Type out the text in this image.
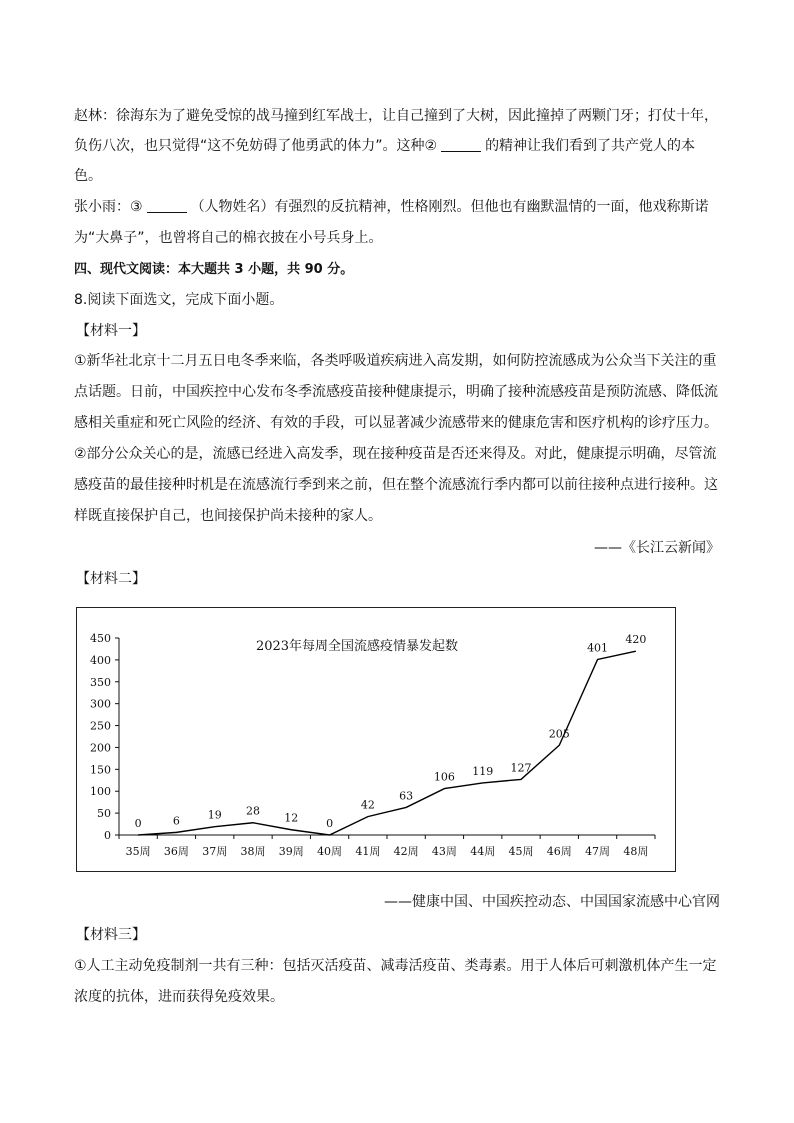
赵林：徐海东为了避免受惊的战马撞到红军战士，让自己撞到了大树，因此撞掉了两颗门牙；打仗十年，
负伤八次，也只觉得“这不免妨碍了他勇武的体力”。这种②	的精神让我们看到了共产党人的本
色。
张小雨：③	（人物姓名）有强烈的反抗精神，性格刚烈。但他也有幽默温情的一面，他戏称斯诺
为“大鼻子”，也曾将自己的棉衣披在小号兵身上。
四、现代文阅读：本大题共 3 小题，共 90 分。
8.阅读下面选文，完成下面小题。
【材料一】
①新华社北京十二月五日电冬季来临，各类呼吸道疾病进入高发期，如何防控流感成为公众当下关注的重
点话题。日前，中国疾控中心发布冬季流感疫苗接种健康提示，明确了接种流感疫苗是预防流感、降低流
感相关重症和死亡风险的经济、有效的手段，可以显著减少流感带来的健康危害和医疗机构的诊疗压力。
②部分公众关心的是，流感已经进入高发季，现在接种疫苗是否还来得及。对此，健康提示明确，尽管流
感疫苗的最佳接种时机是在流感流行季到来之前，但在整个流感流行季内都可以前往接种点进行接种。这
样既直接保护自己，也间接保护尚未接种的家人。
——《长江云新闻》
【材料二】
2023年每周全国流感疫情暴发起数
0
50
100
150
200
250
300
350
400
450
35周 36周 37周 38周 39周 40周 41周 42周 43周 44周 45周 46周 47周 48周
0	6	19 28
12	0
42
63
106 119 127
205
401
420
——健康中国、中国疾控动态、中国国家流感中心官网
【材料三】
①人工主动免疫制剂一共有三种：包括灭活疫苗、减毒活疫苗、类毒素。用于人体后可刺激机体产生一定
浓度的抗体，进而获得免疫效果。
